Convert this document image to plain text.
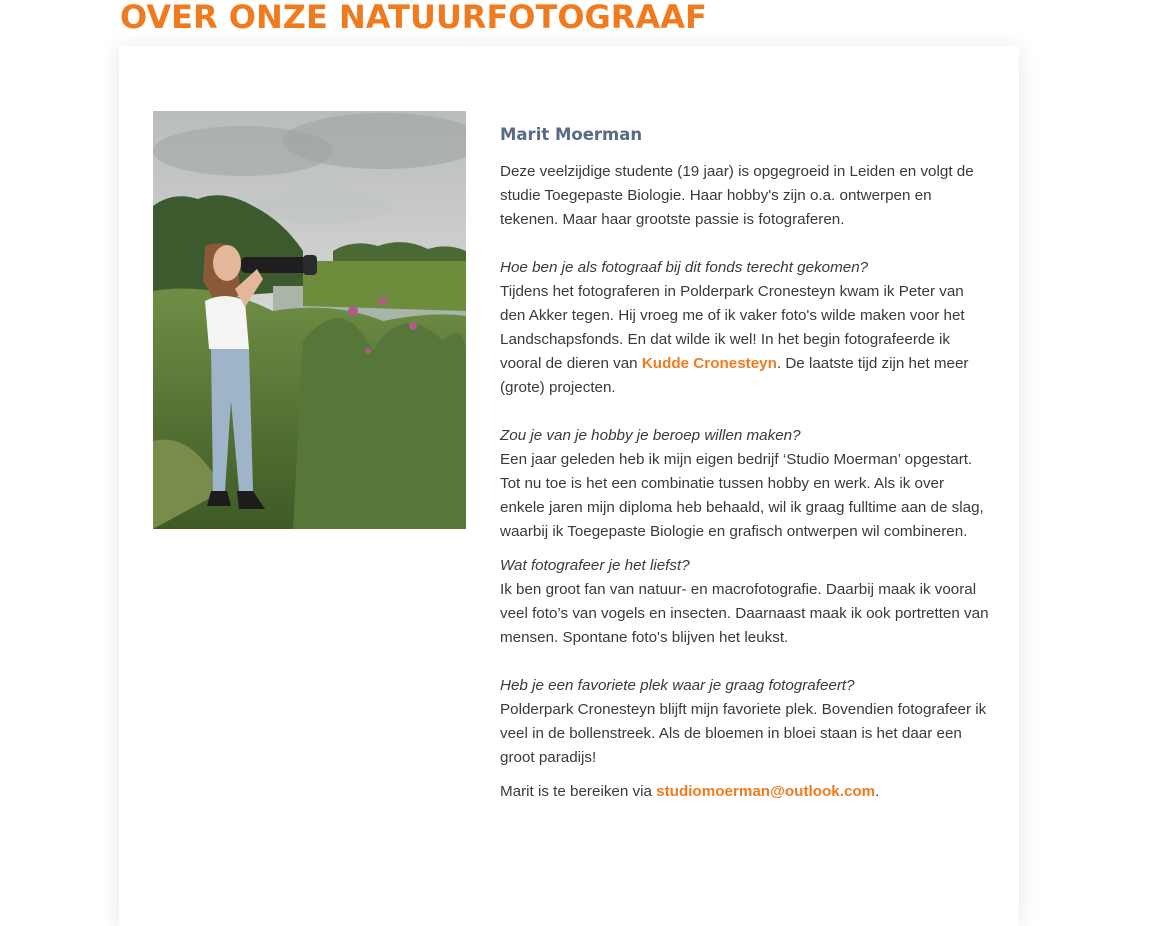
OVER ONZE NATUURFOTOGRAAF
Marit Moerman

Deze veelzijdige studente (19 jaar) is opgegroeid in Leiden en volgt de studie Toegepaste Biologie. Haar hobby's zijn o.a. ontwerpen en tekenen. Maar haar grootste passie is fotograferen.

Hoe ben je als fotograaf bij dit fonds terecht gekomen?
Tijdens het fotograferen in Polderpark Cronesteyn kwam ik Peter van den Akker tegen. Hij vroeg me of ik vaker foto's wilde maken voor het Landschapsfonds. En dat wilde ik wel! In het begin fotografeerde ik vooral de dieren van Kudde Cronesteyn. De laatste tijd zijn het meer (grote) projecten.

Zou je van je hobby je beroep willen maken?
Een jaar geleden heb ik mijn eigen bedrijf ‘Studio Moerman’ opgestart. Tot nu toe is het een combinatie tussen hobby en werk. Als ik over enkele jaren mijn diploma heb behaald, wil ik graag fulltime aan de slag, waarbij ik Toegepaste Biologie en grafisch ontwerpen wil combineren.

Wat fotografeer je het liefst?
Ik ben groot fan van natuur- en macrofotografie. Daarbij maak ik vooral veel foto’s van vogels en insecten. Daarnaast maak ik ook portretten van mensen. Spontane foto's blijven het leukst.

Heb je een favoriete plek waar je graag fotografeert?
Polderpark Cronesteyn blijft mijn favoriete plek. Bovendien fotografeer ik veel in de bollenstreek. Als de bloemen in bloei staan is het daar een groot paradijs!

Marit is te bereiken via studiomoerman@outlook.com.
